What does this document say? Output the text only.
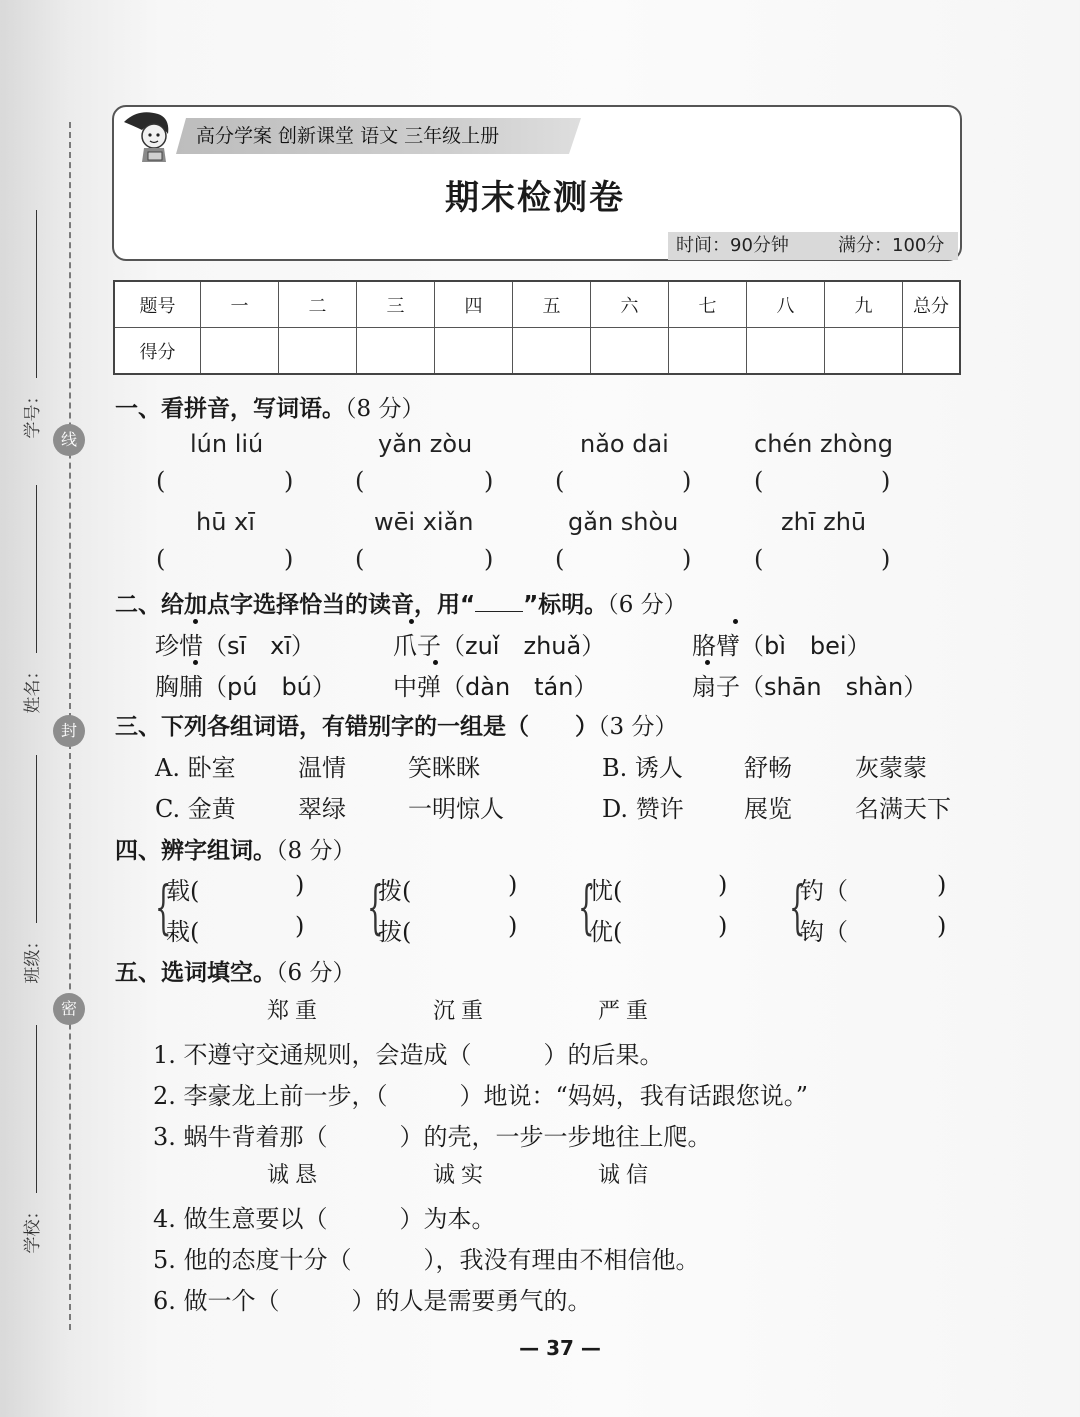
线
封
密
学号：
姓名：
班级：
学校：
高分学案 创新课堂 语文 三年级上册
期末检测卷
时间：90分钟	满分：100分
题号	一	二	三	四	五	六	七	八	九	总分
得分										
一、看拼音，写词语。（8 分）
lún liú	yǎn zòu	nǎo dai	chén zhòng
(	)	(	)	(	)	(	)
hū xī	wēi xiǎn	gǎn shòu	zhī zhū
(	)	(	)	(	)	(	)
二、给加点字选择恰当的读音，用“ ”标明。（6 分）
珍惜（sī　xī）	爪子（zuǐ　zhuǎ）	胳臂（bì　bei）
胸脯（pú　bú） 中弹（dàn　tán）	扇子（shān　shàn）
三、下列各组词语，有错别字的一组是（　　）（3 分）
A. 卧室	温情	笑眯眯	B. 诱人	舒畅	灰蒙蒙
C. 金黄	翠绿	一明惊人	D. 赞许	展览	名满天下
四、辨字组词。（8 分）
{
载(	)
栽(	) {
拨(	)
拔(	) {
忧(	)
优(	) {
钓（	)
钩（	)
五、选词填空。（6 分）
郑重	沉重	严重
1. 不遵守交通规则，会造成（　　　）的后果。
2. 李豪龙上前一步，（　　　）地说：“妈妈，我有话跟您说。”
3. 蜗牛背着那（　　　）的壳，一步一步地往上爬。
诚恳	诚实	诚信
4. 做生意要以（　　　）为本。
5. 他的态度十分（　　　），我没有理由不相信他。
6. 做一个（　　　）的人是需要勇气的。
— 37 —
